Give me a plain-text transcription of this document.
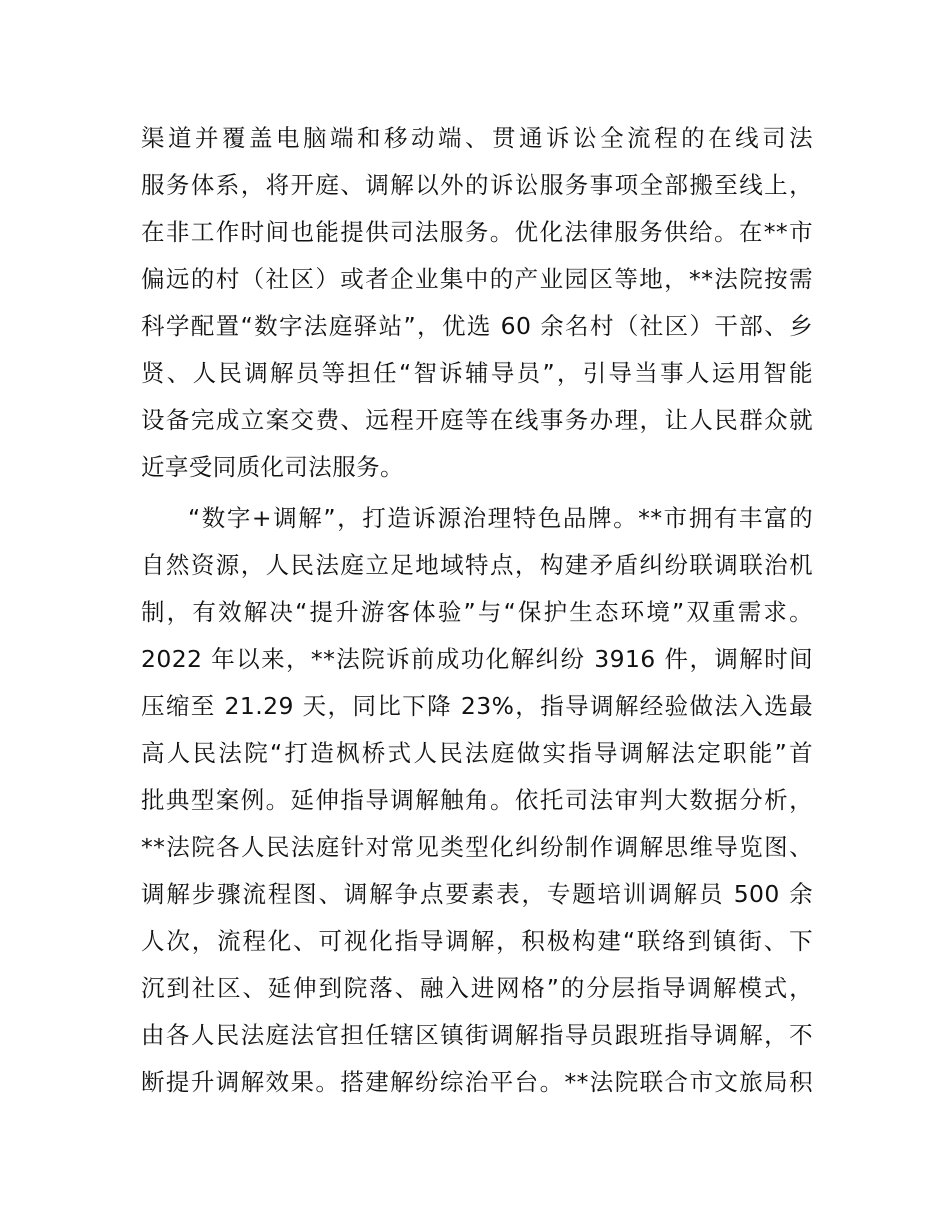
渠道并覆盖电脑端和移动端、贯通诉讼全流程的在线司法
服务体系，将开庭、调解以外的诉讼服务事项全部搬至线上，
在非工作时间也能提供司法服务。优化法律服务供给。在**市
偏远的村（社区）或者企业集中的产业园区等地，**法院按需
科学配置“数字法庭驿站”，优选 60 余名村（社区）干部、乡
贤、人民调解员等担任“智诉辅导员”，引导当事人运用智能
设备完成立案交费、远程开庭等在线事务办理，让人民群众就
近享受同质化司法服务。
“数字+调解”，打造诉源治理特色品牌。**市拥有丰富的
自然资源，人民法庭立足地域特点，构建矛盾纠纷联调联治机
制，有效解决“提升游客体验”与“保护生态环境”双重需求。
2022 年以来，**法院诉前成功化解纠纷 3916 件，调解时间
压缩至 21.29 天，同比下降 23%，指导调解经验做法入选最
高人民法院“打造枫桥式人民法庭做实指导调解法定职能”首
批典型案例。延伸指导调解触角。依托司法审判大数据分析，
**法院各人民法庭针对常见类型化纠纷制作调解思维导览图、
调解步骤流程图、调解争点要素表，专题培训调解员 500 余
人次，流程化、可视化指导调解，积极构建“联络到镇街、下
沉到社区、延伸到院落、融入进网格”的分层指导调解模式，
由各人民法庭法官担任辖区镇街调解指导员跟班指导调解，不
断提升调解效果。搭建解纷综治平台。**法院联合市文旅局积
